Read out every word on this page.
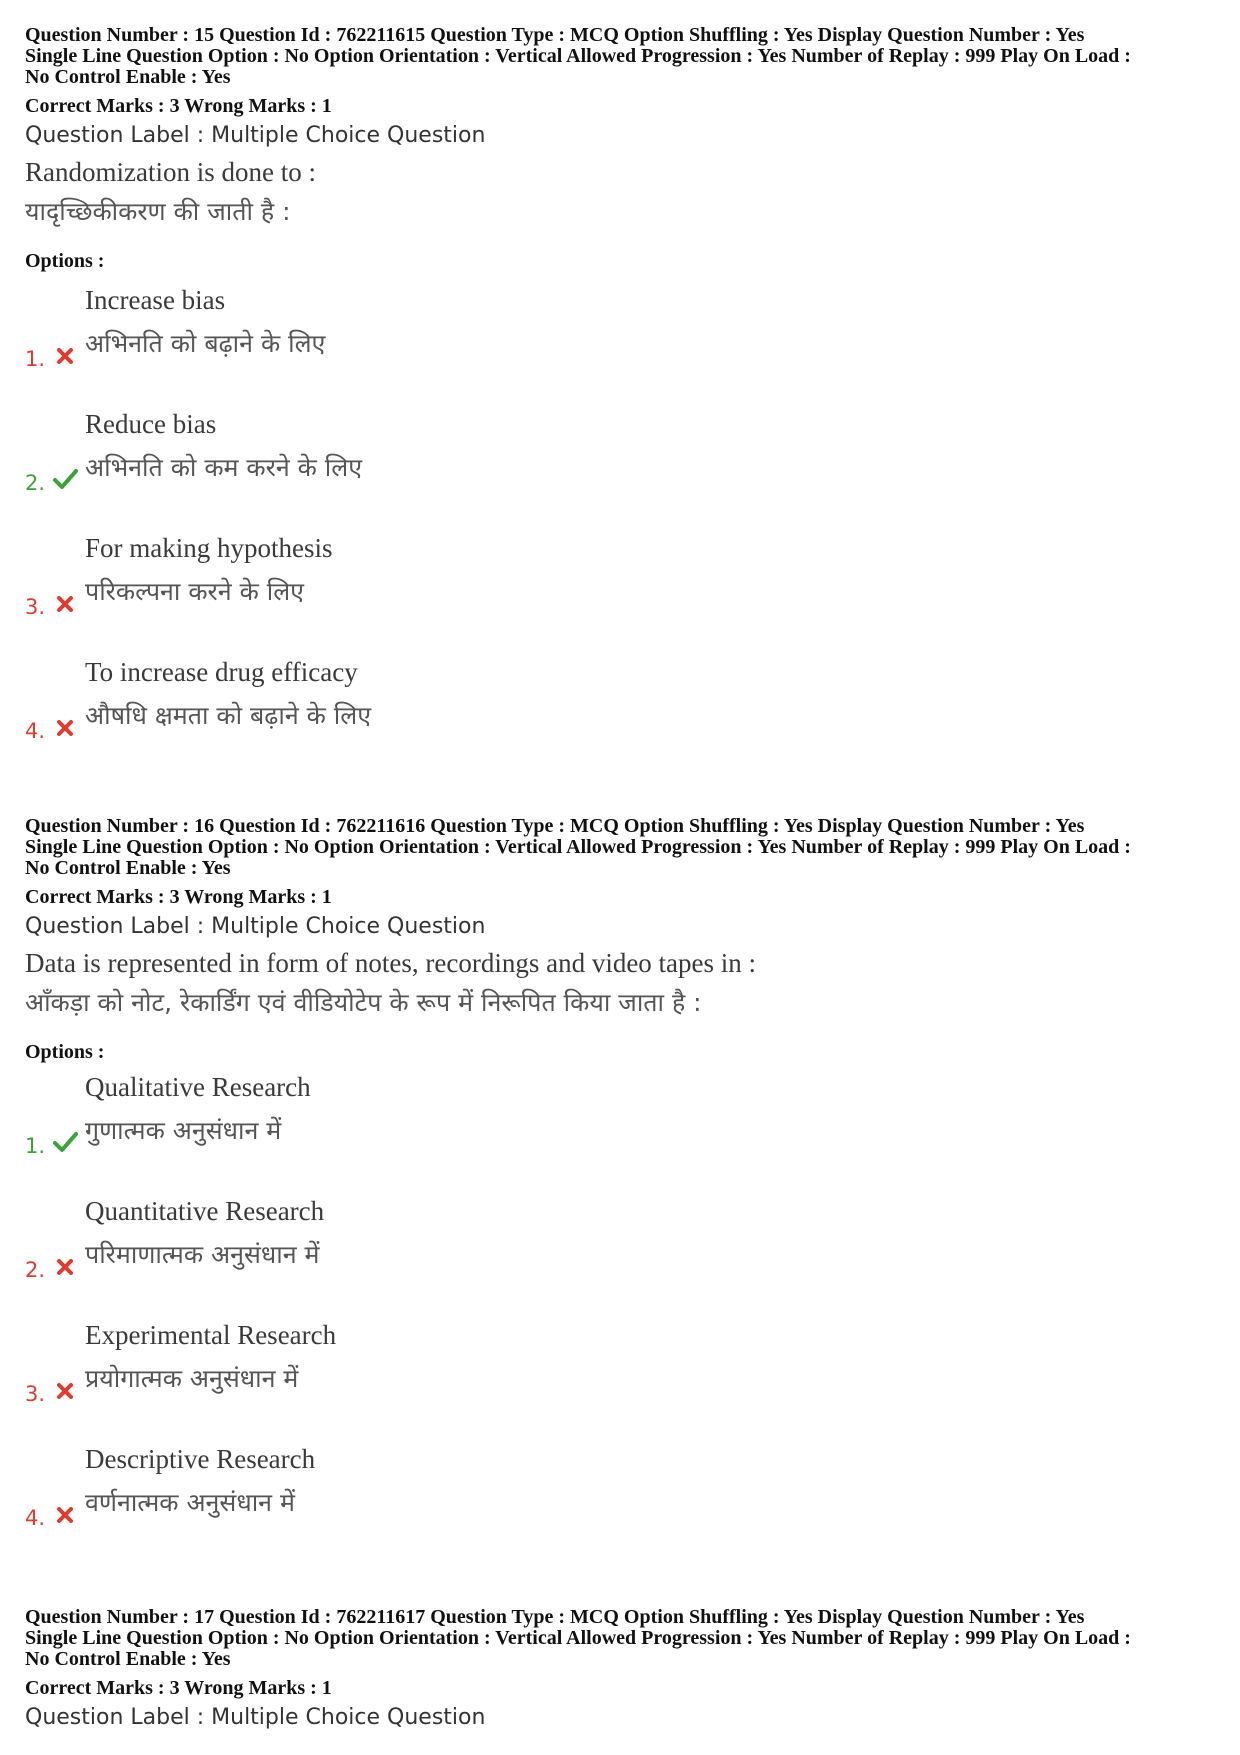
Question Number : 15 Question Id : 762211615 Question Type : MCQ Option Shuffling : Yes Display Question Number : Yes
Single Line Question Option : No Option Orientation : Vertical Allowed Progression : Yes Number of Replay : 999 Play On Load :
No Control Enable : Yes
Correct Marks : 3 Wrong Marks : 1
Question Label : Multiple Choice Question
Randomization is done to :
यादृच्छिकीकरण की जाती है :
Options :
Increase bias
अभिनति को बढ़ाने के लिए
1.
Reduce bias
अभिनति को कम करने के लिए
2.
For making hypothesis
परिकल्पना करने के लिए
3.
To increase drug efficacy
औषधि क्षमता को बढ़ाने के लिए
4.
Question Number : 16 Question Id : 762211616 Question Type : MCQ Option Shuffling : Yes Display Question Number : Yes
Single Line Question Option : No Option Orientation : Vertical Allowed Progression : Yes Number of Replay : 999 Play On Load :
No Control Enable : Yes
Correct Marks : 3 Wrong Marks : 1
Question Label : Multiple Choice Question
Data is represented in form of notes, recordings and video tapes in :
आँकड़ा को नोट, रेकार्डिंग एवं वीडियोटेप के रूप में निरूपित किया जाता है :
Options :
Qualitative Research
गुणात्मक अनुसंधान में
1.
Quantitative Research
परिमाणात्मक अनुसंधान में
2.
Experimental Research
प्रयोगात्मक अनुसंधान में
3.
Descriptive Research
वर्णनात्मक अनुसंधान में
4.
Question Number : 17 Question Id : 762211617 Question Type : MCQ Option Shuffling : Yes Display Question Number : Yes
Single Line Question Option : No Option Orientation : Vertical Allowed Progression : Yes Number of Replay : 999 Play On Load :
No Control Enable : Yes
Correct Marks : 3 Wrong Marks : 1
Question Label : Multiple Choice Question
